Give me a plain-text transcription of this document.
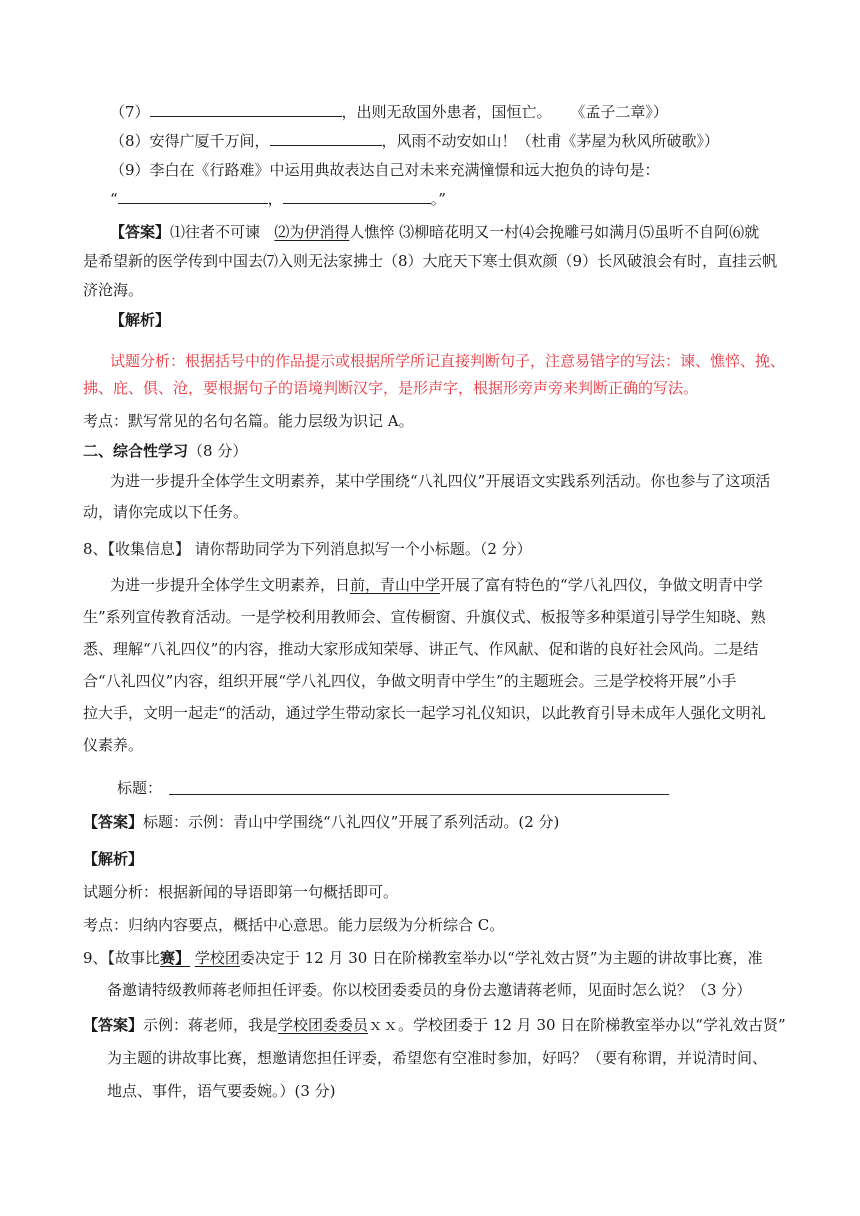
（7）	，出则无敌国外患者，国恒亡。 《孟子二章》）
（8）安得广厦千万间，	，风雨不动安如山！（杜甫《茅屋为秋风所破歌》）
（9）李白在《行路难》中运用典故表达自己对未来充满憧憬和远大抱负的诗句是：
“	，	。”
【答案】⑴往者不可谏   ⑵为伊消得人憔悴 ⑶柳暗花明又一村⑷会挽雕弓如满月⑸虽听不自阿⑹就
是希望新的医学传到中国去⑺入则无法家拂士（8）大庇天下寒士俱欢颜（9）长风破浪会有时，直挂云帆
济沧海。
【解析】
试题分析：根据括号中的作品提示或根据所学所记直接判断句子，注意易错字的写法：谏、憔悴、挽、
拂、庇、俱、沧，要根据句子的语境判断汉字，是形声字，根据形旁声旁来判断正确的写法。
考点：默写常见的名句名篇。能力层级为识记 A。
二、综合性学习（8 分）
为进一步提升全体学生文明素养，某中学围绕“八礼四仪”开展语文实践系列活动。你也参与了这项活
动，请你完成以下任务。
8、【收集信息】 请你帮助同学为下列消息拟写一个小标题。（2 分）
为进一步提升全体学生文明素养，日前，青山中学开展了富有特色的“学八礼四仪，争做文明青中学
生”系列宣传教育活动。一是学校利用教师会、宣传橱窗、升旗仪式、板报等多种渠道引导学生知晓、熟
悉、理解“八礼四仪”的内容，推动大家形成知荣辱、讲正气、作风献、促和谐的良好社会风尚。二是结
合“八礼四仪”内容，组织开展“学八礼四仪，争做文明青中学生”的主题班会。三是学校将开展”小手
拉大手，文明一起走“的活动，通过学生带动家长一起学习礼仪知识，以此教育引导未成年人强化文明礼
仪素养。
标题：
【答案】标题：示例：青山中学围绕“八礼四仪”开展了系列活动。(2 分)
【解析】
试题分析：根据新闻的导语即第一句概括即可。
考点：归纳内容要点，概括中心意思。能力层级为分析综合 C。
9、【故事比赛】 学校团委决定于 12 月 30 日在阶梯教室举办以“学礼效古贤”为主题的讲故事比赛，准
备邀请特级教师蒋老师担任评委。你以校团委委员的身份去邀请蒋老师，见面时怎么说？（3 分）
【答案】示例：蒋老师，我是学校团委委员ｘｘ。学校团委于 12 月 30 日在阶梯教室举办以“学礼效古贤”
为主题的讲故事比赛，想邀请您担任评委，希望您有空准时参加，好吗？（要有称谓，并说清时间、
地点、事件，语气要委婉。）(3 分)
